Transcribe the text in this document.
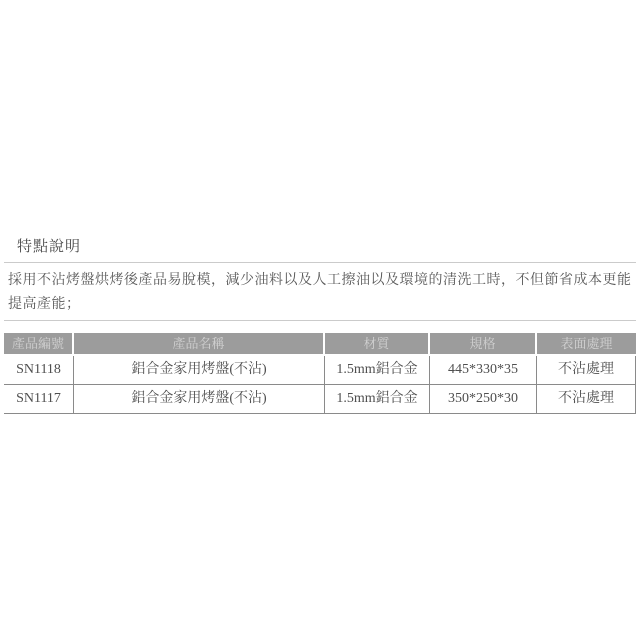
特點說明

採用不沾烤盤烘烤後產品易脫模，減少油料以及人工擦油以及環境的清洗工時，不但節省成本更能提高產能；

產品編號	產品名稱	材質	規格	表面處理
SN1118	鋁合金家用烤盤(不沾)	1.5mm鋁合金	445*330*35	不沾處理
SN1117	鋁合金家用烤盤(不沾)	1.5mm鋁合金	350*250*30	不沾處理
